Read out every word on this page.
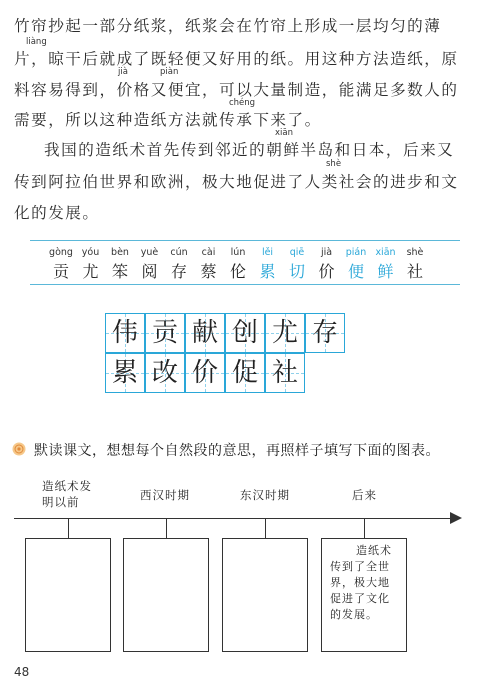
竹帘抄起一部分纸浆，纸浆会在竹帘上形成一层均匀的薄
liàng
片，晾干后就成了既轻便又好用的纸。用这种方法造纸，原
jià	piàn
料容易得到，价格又便宜，可以大量制造，能满足多数人的
chéng
需要，所以这种造纸方法就传承下来了。
xiān
我国的造纸术首先传到邻近的朝鲜半岛和日本，后来又
shè
传到阿拉伯世界和欧洲，极大地促进了人类社会的进步和文
化的发展。
gòng
贡
yóu
尤
bèn
笨
yuè
阅
cún
存
cài
蔡
lún
伦
lěi
累
qiē
切
jià
价
pián
便
xiān
鲜
shè
社
伟 贡 献 创 尤 存
累 改 价 促 社
默读课文，想想每个自然段的意思，再照样子填写下面的图表。
造纸术发
明以前	西汉时期	东汉时期	后来
造纸术
传到了全世
界，极大地
促进了文化
的发展。
48
